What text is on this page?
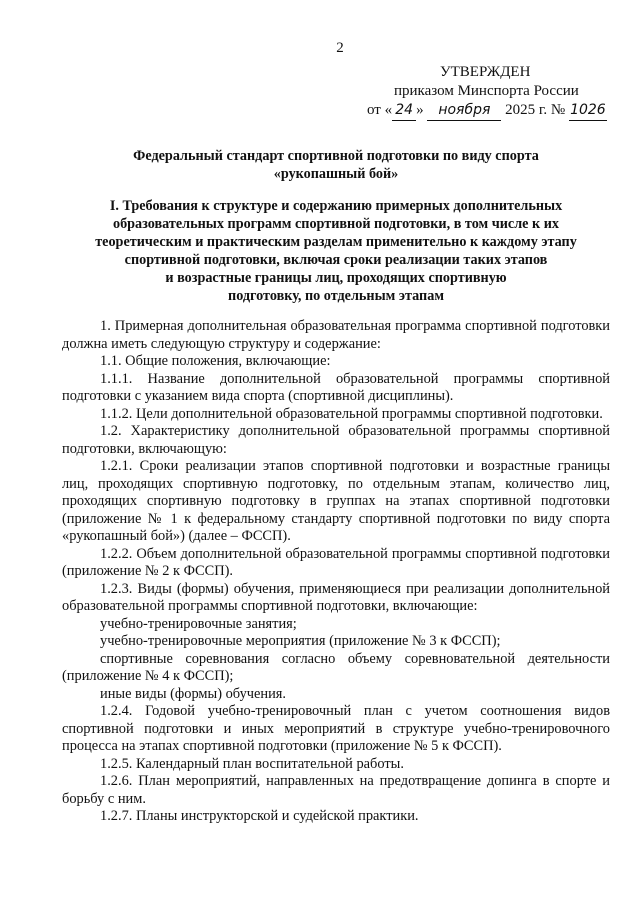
2
УТВЕРЖДЕН
приказом Минспорта России
от « 24 » ноября 2025 г. № 1026
Федеральный стандарт спортивной подготовки по виду спорта
«рукопашный бой»
I. Требования к структуре и содержанию примерных дополнительных
образовательных программ спортивной подготовки, в том числе к их
теоретическим и практическим разделам применительно к каждому этапу
спортивной подготовки, включая сроки реализации таких этапов
и возрастные границы лиц, проходящих спортивную
подготовку, по отдельным этапам

1. Примерная дополнительная образовательная программа спортивной подготовки должна иметь следующую структуру и содержание:

1.1. Общие положения, включающие:

1.1.1. Название дополнительной образовательной программы спортивной подготовки с указанием вида спорта (спортивной дисциплины).

1.1.2. Цели дополнительной образовательной программы спортивной подготовки.

1.2. Характеристику дополнительной образовательной программы спортивной подготовки, включающую:

1.2.1. Сроки реализации этапов спортивной подготовки и возрастные границы лиц, проходящих спортивную подготовку, по отдельным этапам, количество лиц, проходящих спортивную подготовку в группах на этапах спортивной подготовки (приложение № 1 к федеральному стандарту спортивной подготовки по виду спорта «рукопашный бой») (далее – ФССП).

1.2.2. Объем дополнительной образовательной программы спортивной подготовки (приложение № 2 к ФССП).

1.2.3. Виды (формы) обучения, применяющиеся при реализации дополнительной образовательной программы спортивной подготовки, включающие:

учебно-тренировочные занятия;

учебно-тренировочные мероприятия (приложение № 3 к ФССП);

спортивные соревнования согласно объему соревновательной деятельности (приложение № 4 к ФССП);

иные виды (формы) обучения.

1.2.4. Годовой учебно-тренировочный план с учетом соотношения видов спортивной подготовки и иных мероприятий в структуре учебно-тренировочного процесса на этапах спортивной подготовки (приложение № 5 к ФССП).

1.2.5. Календарный план воспитательной работы.

1.2.6. План мероприятий, направленных на предотвращение допинга в спорте и борьбу с ним.

1.2.7. Планы инструкторской и судейской практики.
